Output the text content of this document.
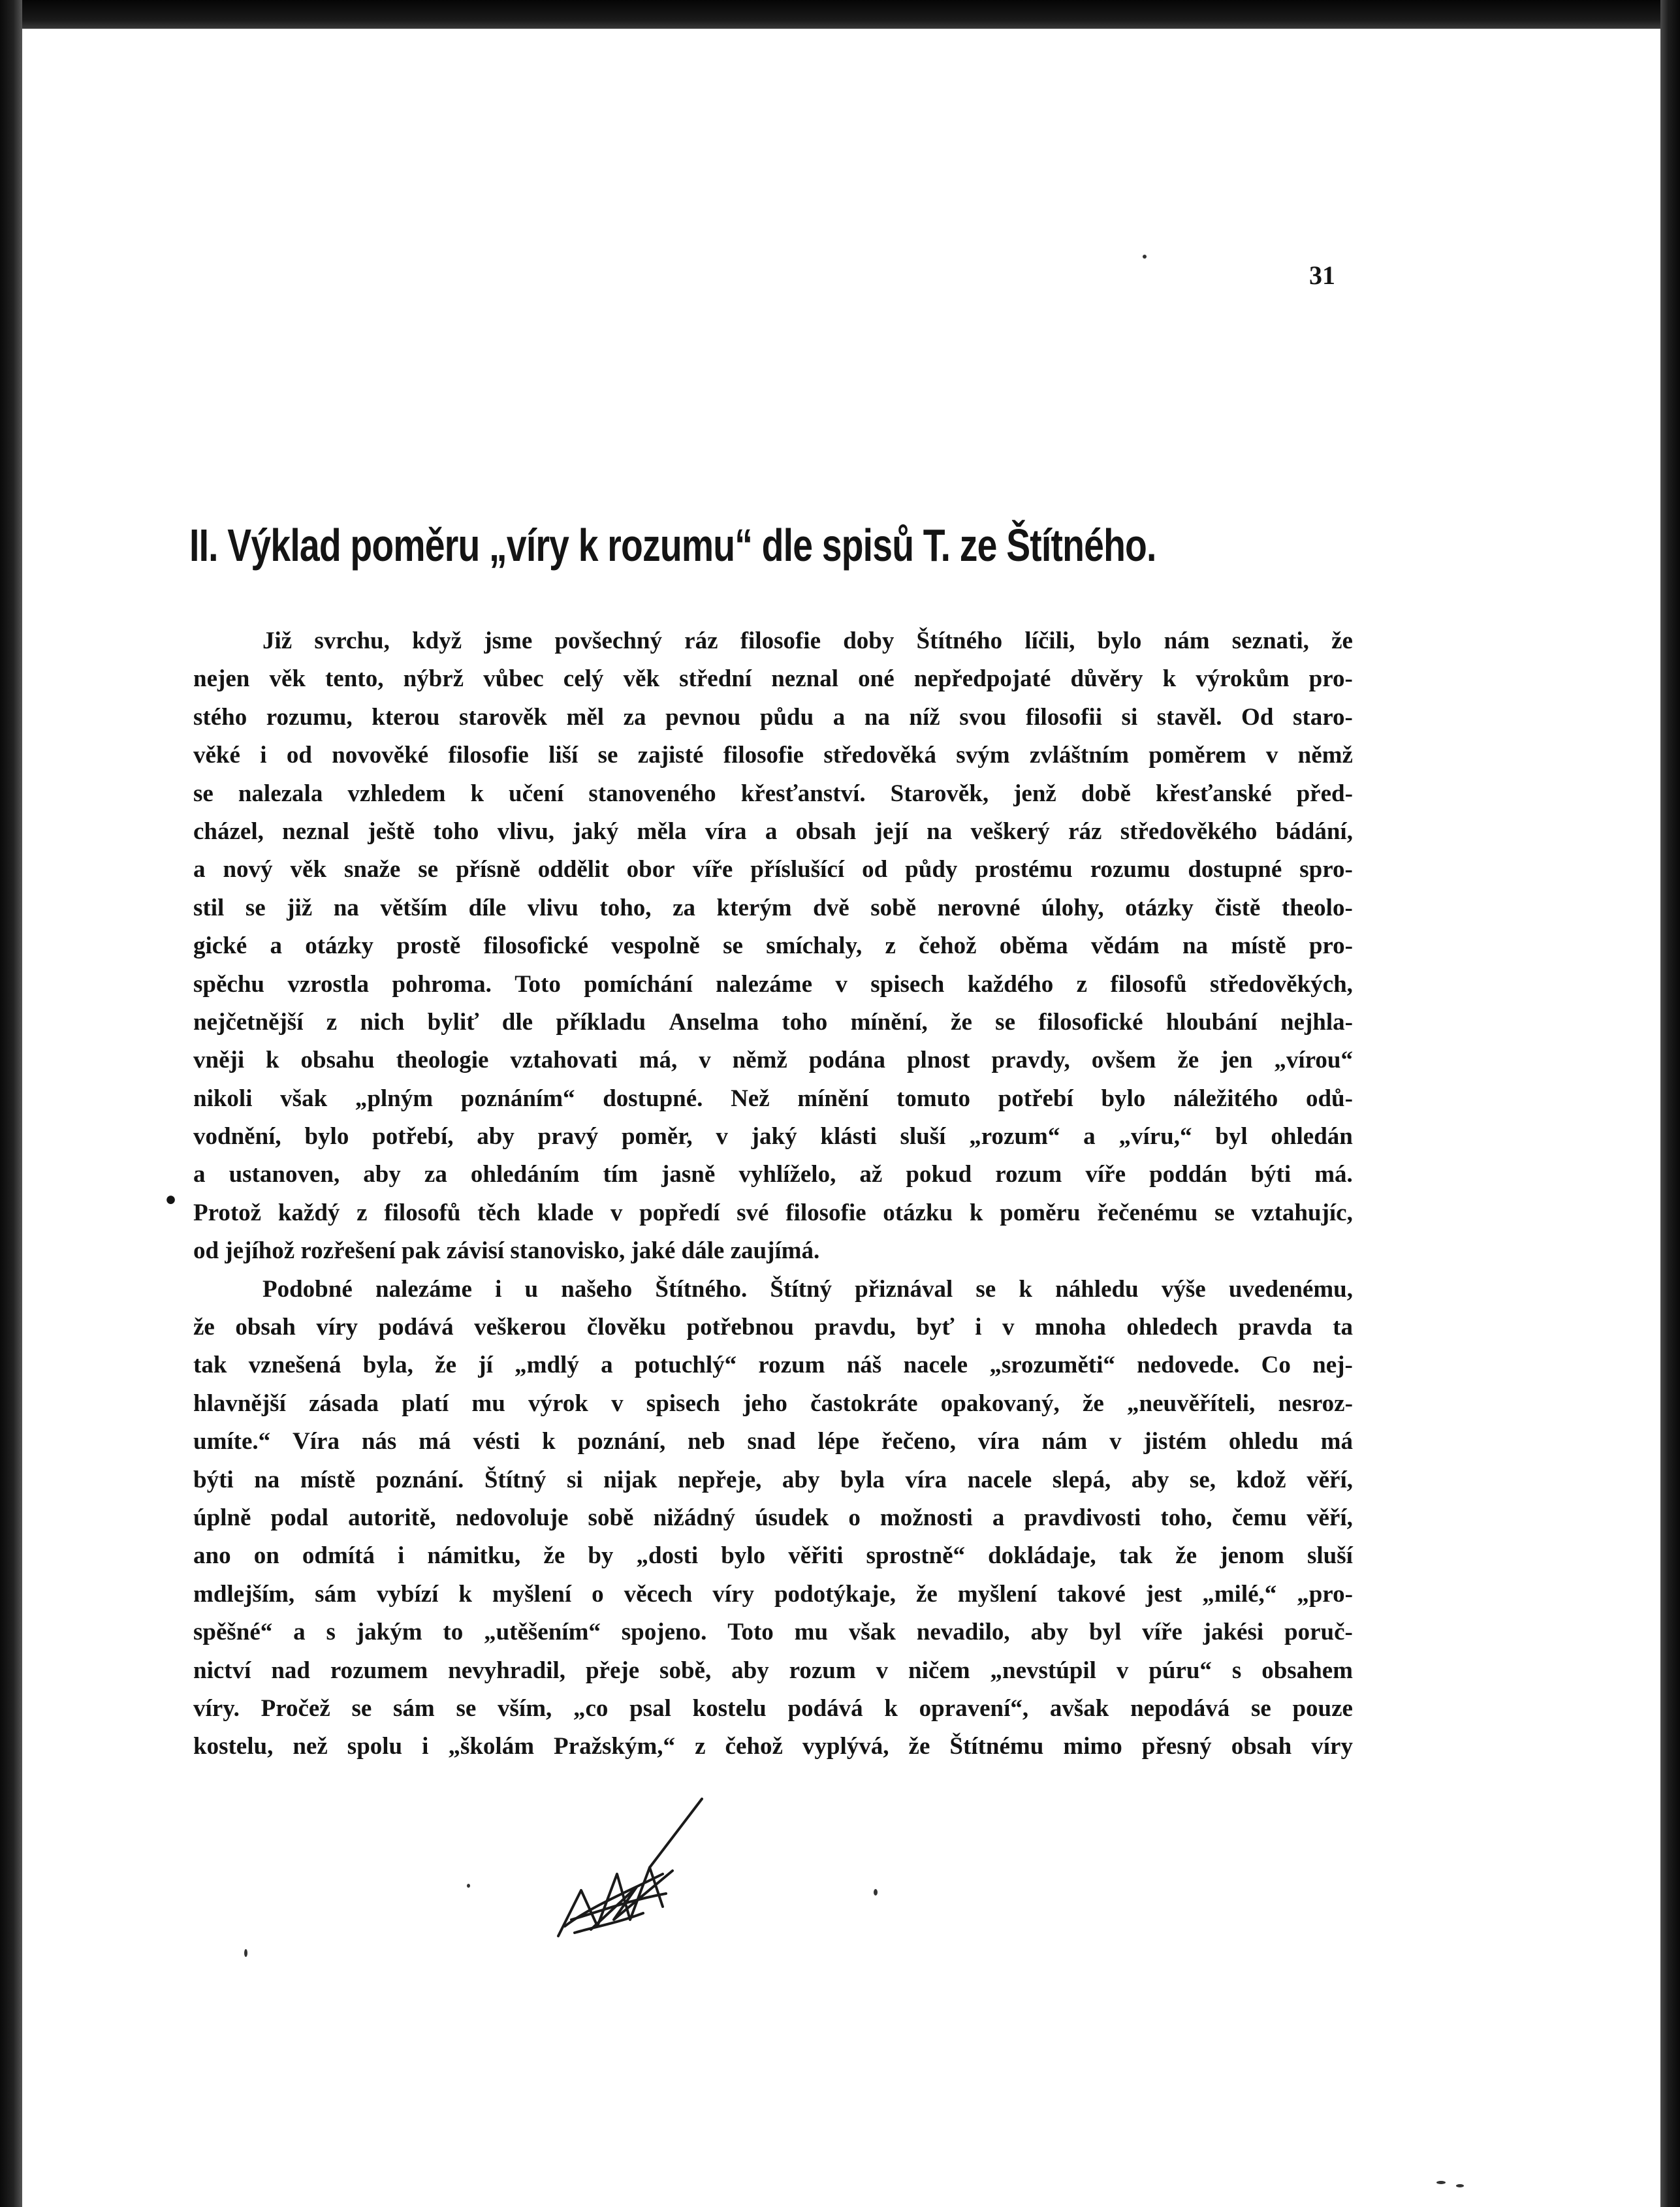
31
II. Výklad poměru „víry k rozumu“ dle spisů T. ze Štítného.
•
Již svrchu, když jsme povšechný ráz filosofie doby Štítného líčili, bylo nám seznati, že
nejen věk tento, nýbrž vůbec celý věk střední neznal oné nepředpojaté důvěry k výrokům pro-
stého rozumu, kterou starověk měl za pevnou půdu a na níž svou filosofii si stavěl. Od staro-
věké i od novověké filosofie liší se zajisté filosofie středověká svým zvláštním poměrem v němž
se nalezala vzhledem k učení stanoveného křesťanství. Starověk, jenž době křesťanské před-
cházel, neznal ještě toho vlivu, jaký měla víra a obsah její na veškerý ráz středověkého bádání,
a nový věk snaže se přísně oddělit obor víře příslušící od půdy prostému rozumu dostupné spro-
stil se již na větším díle vlivu toho, za kterým dvě sobě nerovné úlohy, otázky čistě theolo-
gické a otázky prostě filosofické vespolně se smíchaly, z čehož oběma vědám na místě pro-
spěchu vzrostla pohroma. Toto pomíchání nalezáme v spisech každého z filosofů středověkých,
nejčetnější z nich byliť dle příkladu Anselma toho mínění, že se filosofické hloubání nejhla-
vněji k obsahu theologie vztahovati má, v němž podána plnost pravdy, ovšem že jen „vírou“
nikoli však „plným poznáním“ dostupné. Než mínění tomuto potřebí bylo náležitého odů-
vodnění, bylo potřebí, aby pravý poměr, v jaký klásti sluší „rozum“ a „víru,“ byl ohledán
a ustanoven, aby za ohledáním tím jasně vyhlíželo, až pokud rozum víře poddán býti má.
Protož každý z filosofů těch klade v popředí své filosofie otázku k poměru řečenému se vztahujíc,
od jejíhož rozřešení pak závisí stanovisko, jaké dále zaujímá.
Podobné nalezáme i u našeho Štítného. Štítný přiznával se k náhledu výše uvedenému,
že obsah víry podává veškerou člověku potřebnou pravdu, byť i v mnoha ohledech pravda ta
tak vznešená byla, že jí „mdlý a potuchlý“ rozum náš nacele „srozuměti“ nedovede. Co nej-
hlavnější zásada platí mu výrok v spisech jeho častokráte opakovaný, že „neuvěříteli, nesroz-
umíte.“ Víra nás má vésti k poznání, neb snad lépe řečeno, víra nám v jistém ohledu má
býti na místě poznání. Štítný si nijak nepřeje, aby byla víra nacele slepá, aby se, kdož věří,
úplně podal autoritě, nedovoluje sobě nižádný úsudek o možnosti a pravdivosti toho, čemu věří,
ano on odmítá i námitku, že by „dosti bylo věřiti sprostně“ dokládaje, tak že jenom sluší
mdlejším, sám vybízí k myšlení o věcech víry podotýkaje, že myšlení takové jest „milé,“ „pro-
spěšné“ a s jakým to „utěšením“ spojeno. Toto mu však nevadilo, aby byl víře jakési poruč-
nictví nad rozumem nevyhradil, přeje sobě, aby rozum v ničem „nevstúpil v púru“ s obsahem
víry. Pročež se sám se vším, „co psal kostelu podává k opravení“, avšak nepodává se pouze
kostelu, než spolu i „školám Pražským,“ z čehož vyplývá, že Štítnému mimo přesný obsah víry
